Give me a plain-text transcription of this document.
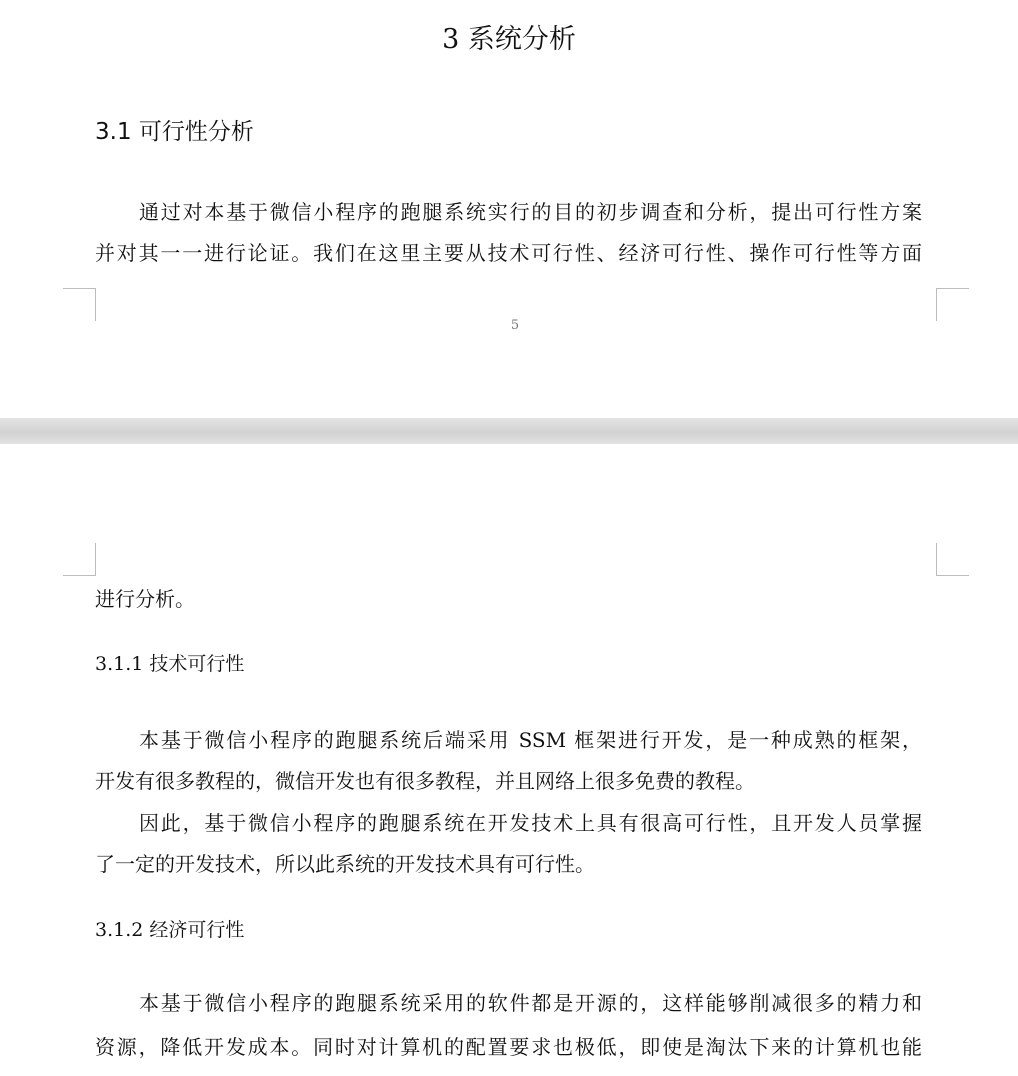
3 系统分析
3.1 可行性分析
通过对本基于微信小程序的跑腿系统实行的目的初步调查和分析，提出可行性方案
并对其一一进行论证。我们在这里主要从技术可行性、经济可行性、操作可行性等方面
5
进行分析。
3.1.1 技术可行性
本基于微信小程序的跑腿系统后端采用 SSM 框架进行开发，是一种成熟的框架，
开发有很多教程的，微信开发也有很多教程，并且网络上很多免费的教程。
因此，基于微信小程序的跑腿系统在开发技术上具有很高可行性，且开发人员掌握
了一定的开发技术，所以此系统的开发技术具有可行性。
3.1.2 经济可行性
本基于微信小程序的跑腿系统采用的软件都是开源的，这样能够削减很多的精力和
资源，降低开发成本。同时对计算机的配置要求也极低，即使是淘汰下来的计算机也能
